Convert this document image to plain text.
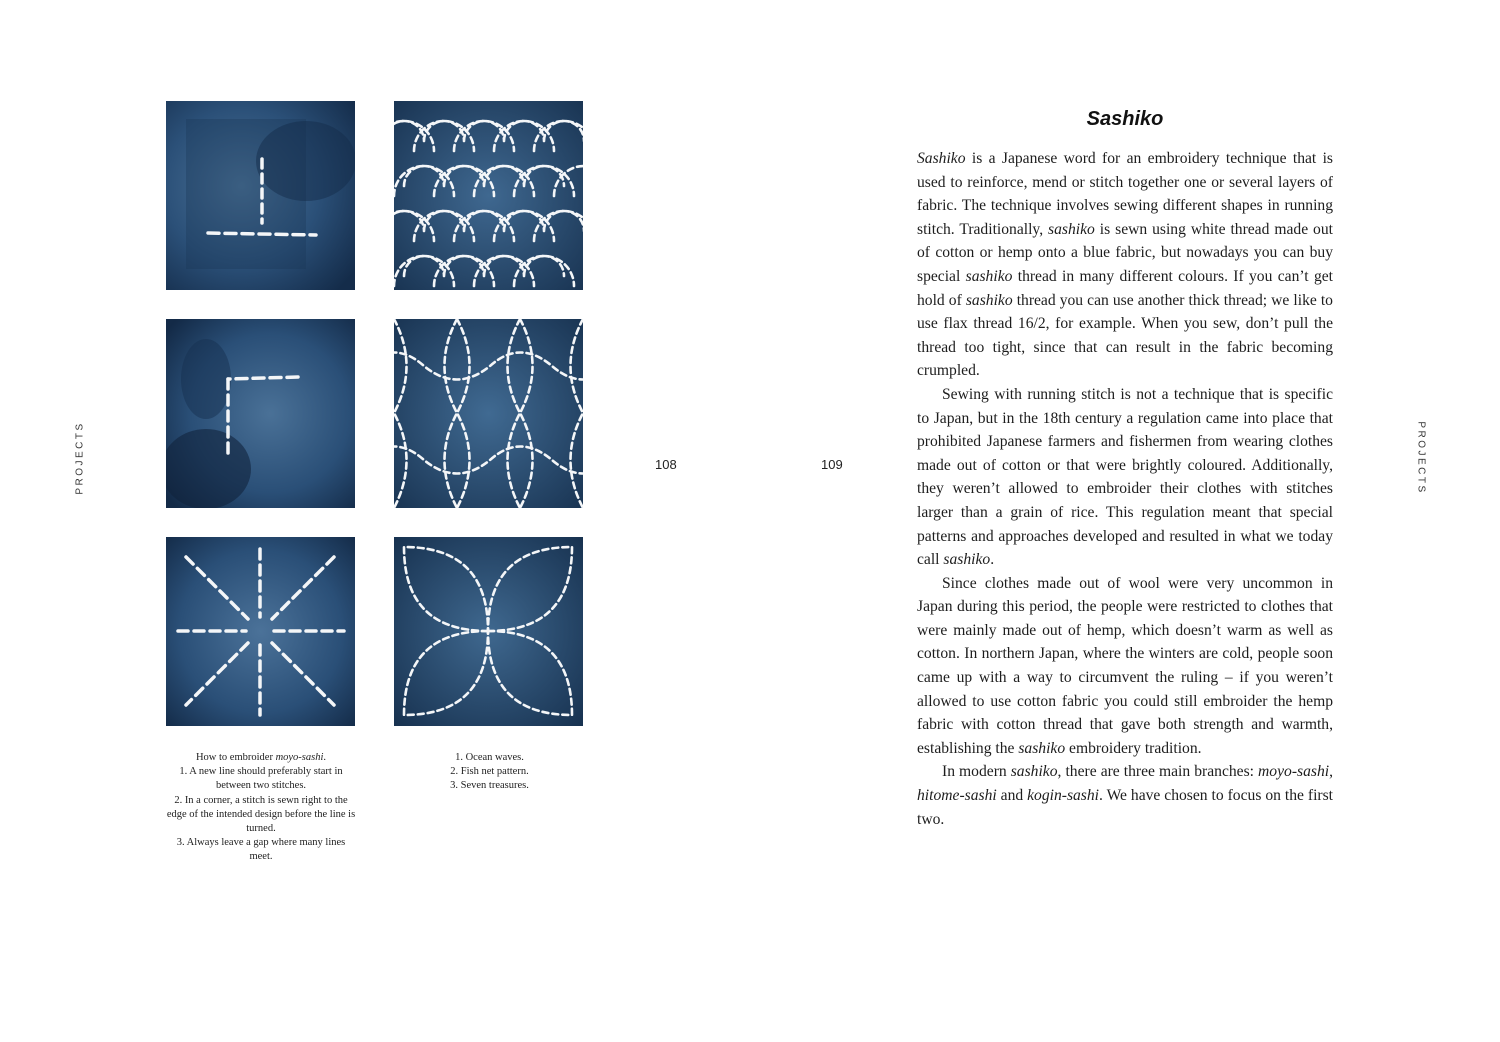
PROJECTS	PROJECTS
108	109

How to embroider moyo-sashi.

1. A new line should preferably start in between two stitches.

2. In a corner, a stitch is sewn right to the edge of the intended design before the line is turned.

3. Always leave a gap where many lines meet.

1. Ocean waves.

2. Fish net pattern.

3. Seven treasures.

Sashiko

Sashiko is a Japanese word for an embroidery technique that is used to reinforce, mend or stitch together one or several layers of fabric. The technique involves sewing different shapes in running stitch. Traditionally, sashiko is sewn using white thread made out of cotton or hemp onto a blue fabric, but nowadays you can buy special sashiko thread in many different colours. If you can’t get hold of sashiko thread you can use another thick thread; we like to use flax thread 16/2, for example. When you sew, don’t pull the thread too tight, since that can result in the fabric becoming crumpled.

Sewing with running stitch is not a technique that is specific to Japan, but in the 18th century a regulation came into place that prohibited Japanese farmers and fishermen from wearing clothes made out of cotton or that were brightly coloured. Additionally, they weren’t allowed to embroider their clothes with stitches larger than a grain of rice. This regulation meant that special patterns and approaches developed and resulted in what we today call sashiko.

Since clothes made out of wool were very uncommon in Japan during this period, the people were restricted to clothes that were mainly made out of hemp, which doesn’t warm as well as cotton. In northern Japan, where the winters are cold, people soon came up with a way to circumvent the ruling – if you weren’t allowed to use cotton fabric you could still embroider the hemp fabric with cotton thread that gave both strength and warmth, establishing the sashiko embroidery tradition.

In modern sashiko, there are three main branches: moyo-sashi, hitome-sashi and kogin-sashi. We have chosen to focus on the first two.
